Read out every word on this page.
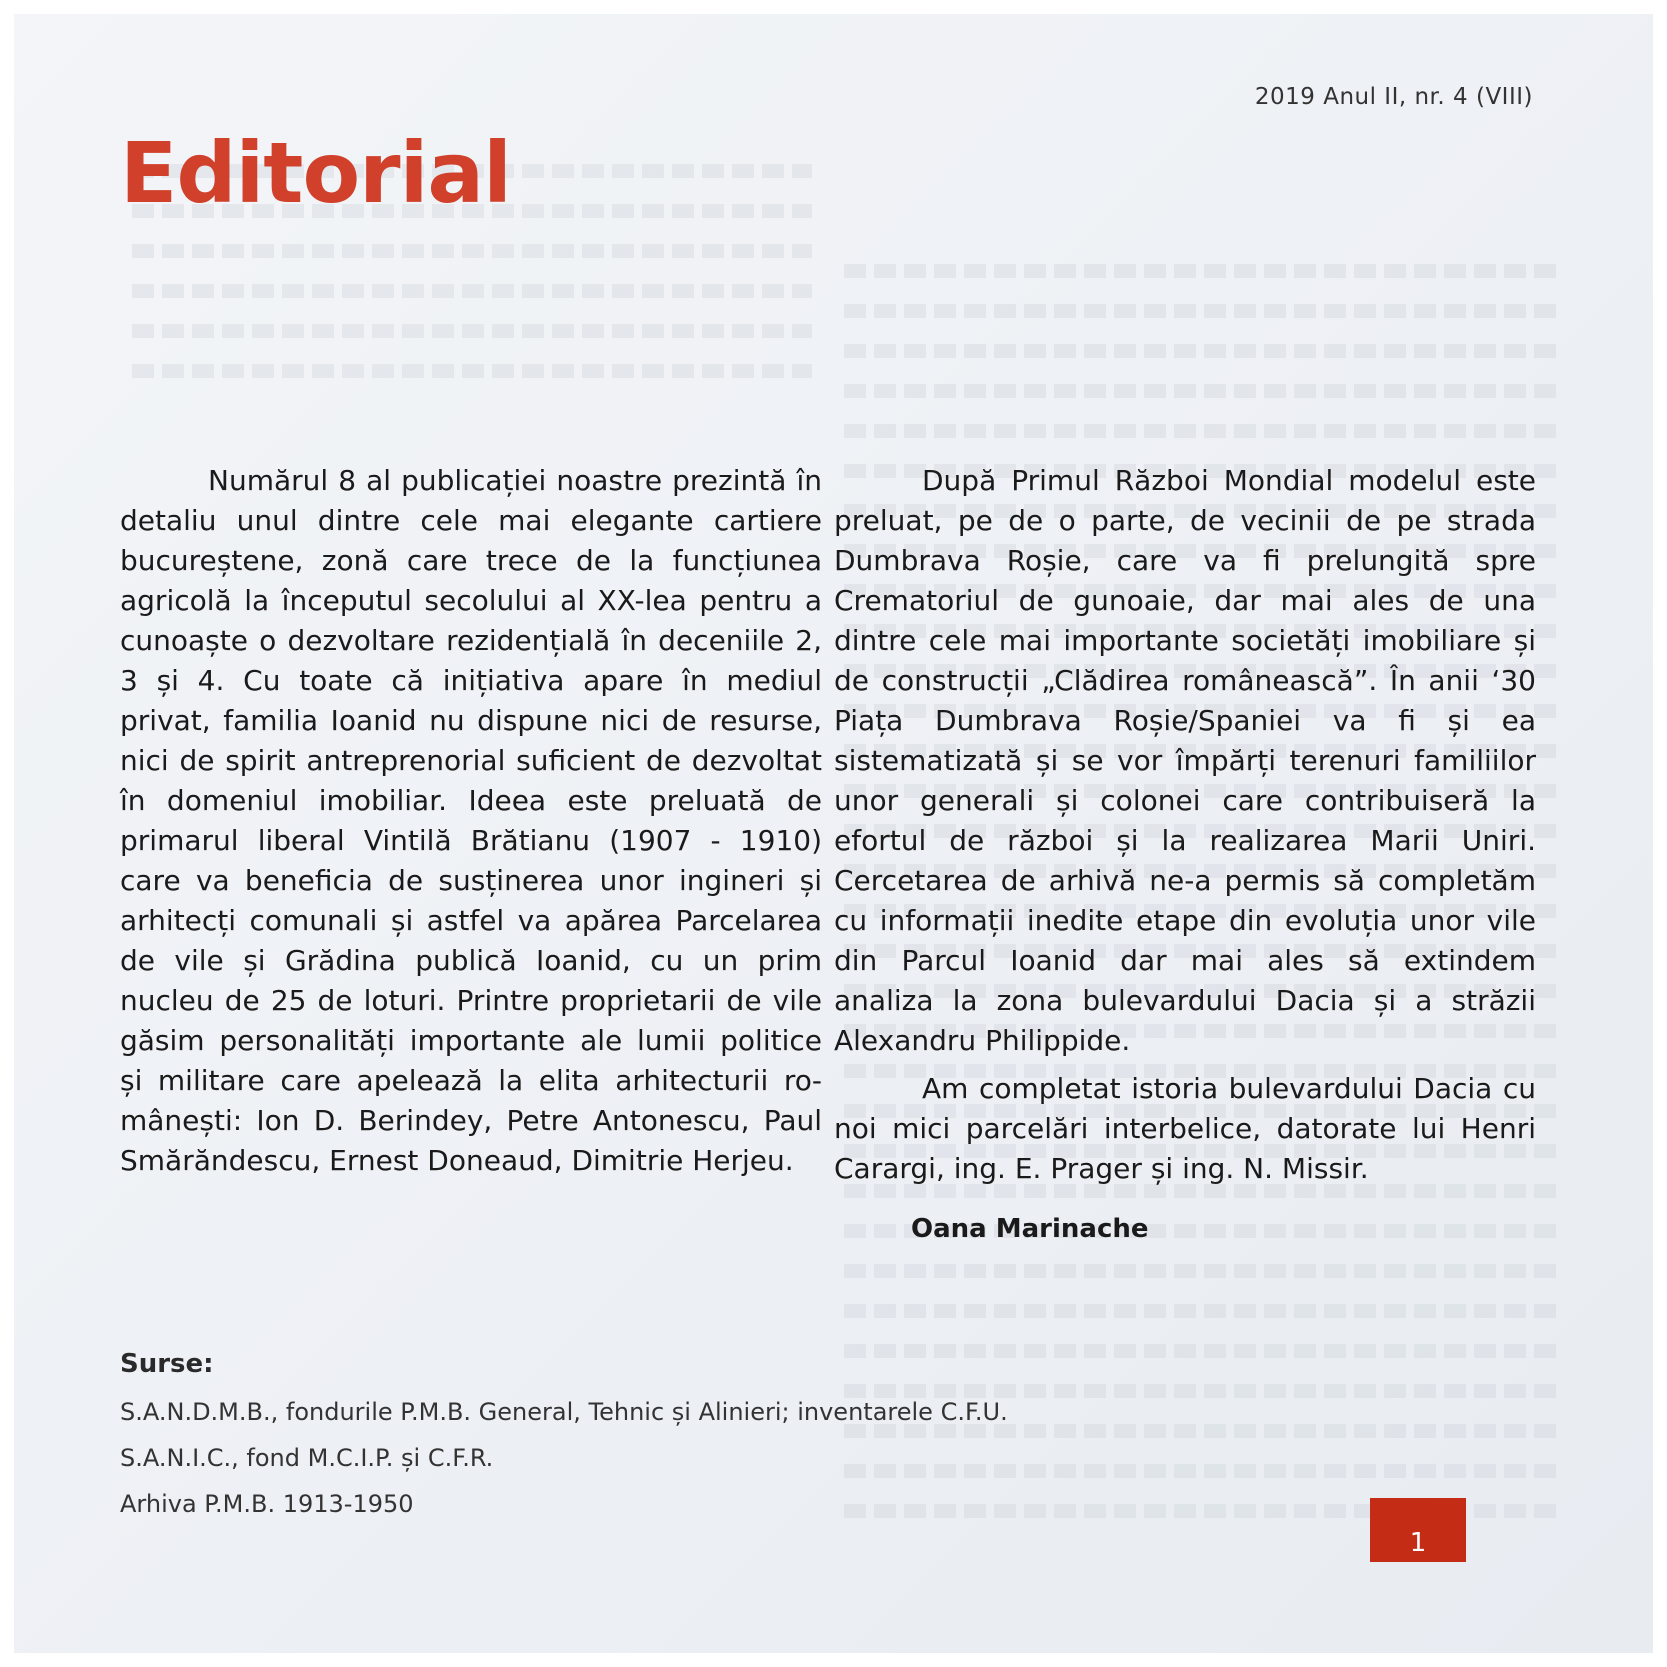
2019 Anul II, nr. 4 (VIII)
Editorial

Numărul 8 al publicației noastre prezintă în detaliu unul dintre cele mai elegante cartiere bucureștene, zonă care trece de la funcțiunea agricolă la începutul secolului al XX-lea pentru a cunoaște o dezvoltare rezidențială în deceniile 2, 3 și 4. Cu toate că inițiativa apare în mediul privat, familia Ioanid nu dispune nici de resurse, nici de spirit antreprenorial suficient de dezvoltat în domeniul imobiliar. Ideea este preluată de primarul liberal Vintilă Brătianu (1907 - 1910) care va beneficia de susținerea unor ingineri și arhitecți comunali și astfel va apărea Parcelarea de vile și Grădina publică Ioanid, cu un prim nucleu de 25 de loturi. Printre proprietarii de vile găsim personalități importante ale lumii politice și militare care apelează la elita arhitecturii românești: Ion D. Berindey, Petre Antonescu, Paul Smărăndescu, Ernest Doneaud, Dimitrie Herjeu.

După Primul Război Mondial modelul este preluat, pe de o parte, de vecinii de pe strada Dumbrava Roșie, care va fi prelungită spre Crematoriul de gunoaie, dar mai ales de una dintre cele mai importante societăți imobiliare și de construcții „Clădirea românească”. În anii ‘30 Piața Dumbrava Roșie/Spaniei va fi și ea sistematizată și se vor împărți terenuri familiilor unor generali și colonei care contribuiseră la efortul de război și la realizarea Marii Uniri. Cercetarea de arhivă ne-a permis să completăm cu informații inedite etape din evoluția unor vile din Parcul Ioanid dar mai ales să extindem analiza la zona bulevardului Dacia și a străzii Alexandru Philippide.

Am completat istoria bulevardului Dacia cu noi mici parcelări interbelice, datorate lui Henri Carargi, ing. E. Prager și ing. N. Missir.

Oana Marinache
Surse:
S.A.N.D.M.B., fondurile P.M.B. General, Tehnic și Alinieri; inventarele C.F.U.
S.A.N.I.C., fond M.C.I.P. și C.F.R.
Arhiva P.M.B. 1913-1950
1
